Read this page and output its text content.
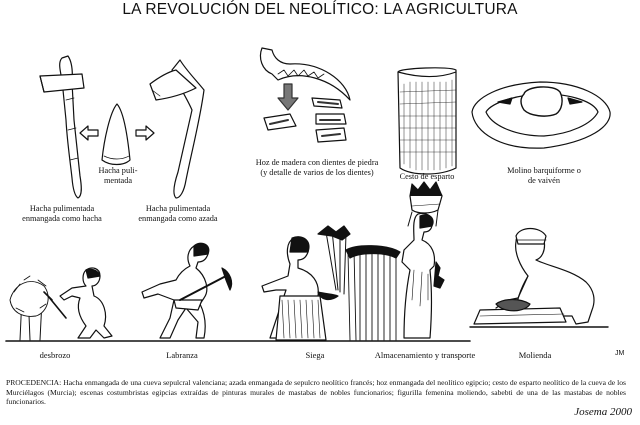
LA REVOLUCIÓN DEL NEOLÍTICO: LA AGRICULTURA
Hacha pulimentada
enmangada como hacha
Hacha puli-
mentada
Hacha pulimentada
enmangada como azada
Hoz de madera con dientes de piedra
(y detalle de varios de los dientes)	Cesto de esparto
Molino barquiforme o
de vaivén
desbrozo	Labranza	Siega	Almacenamiento y transporte	Molienda	JM
PROCEDENCIA: Hacha enmangada de una cueva sepulcral valenciana; azada enmangada de sepulcro neolítico francés; hoz enmangada del neolítico egipcio; cesto de esparto neolítico de la cueva de los Murciélagos (Murcia); escenas costumbristas egipcias extraídas de pinturas murales de mastabas de nobles funcionarios; figurilla femenina moliendo, sabebti de una de las mastabas de nobles funcionarios.
Josema 2000
